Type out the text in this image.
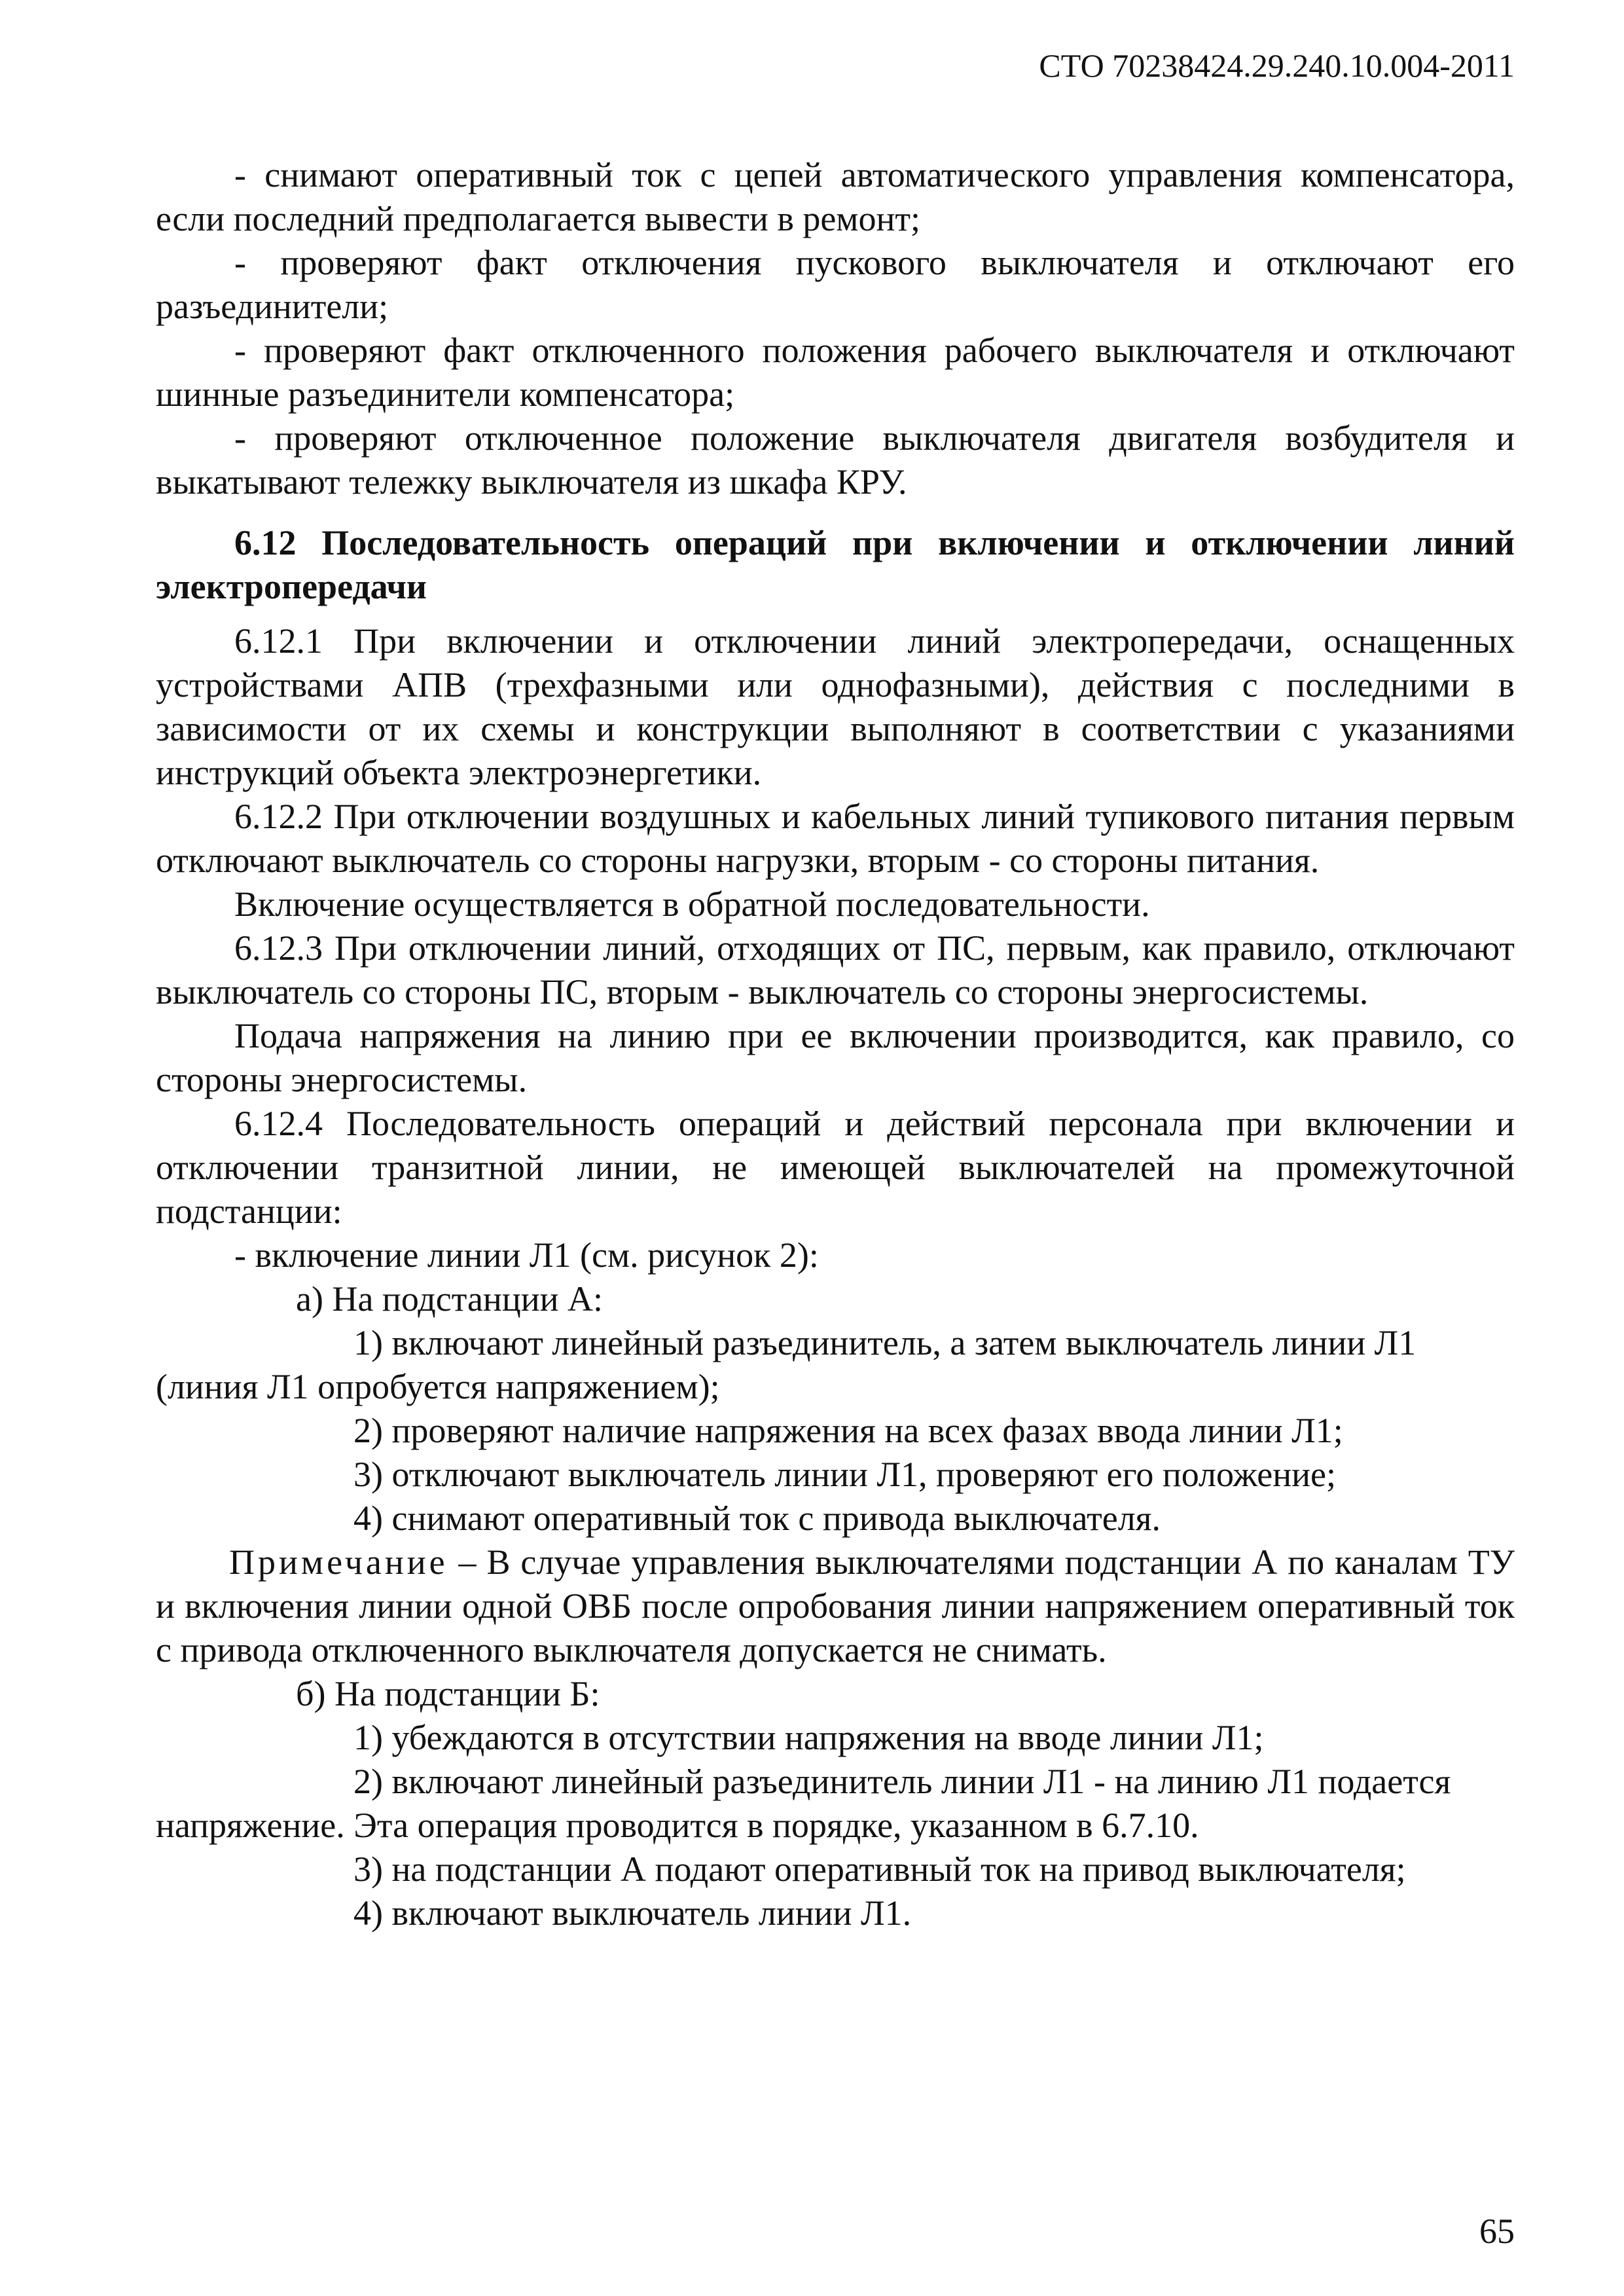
СТО 70238424.29.240.10.004-2011

- снимают оперативный ток с цепей автоматического управления компенсатора, если последний предполагается вывести в ремонт;

- проверяют факт отключения пускового выключателя и отключают его разъединители;

- проверяют факт отключенного положения рабочего выключателя и отключают шинные разъединители компенсатора;

- проверяют отключенное положение выключателя двигателя возбудителя и выкатывают тележку выключателя из шкафа КРУ.

6.12 Последовательность операций при включении и отключении линий электропередачи

6.12.1 При включении и отключении линий электропередачи, оснащенных устройствами АПВ (трехфазными или однофазными), действия с последними в зависимости от их схемы и конструкции выполняют в соответствии с указаниями инструкций объекта электроэнергетики.

6.12.2 При отключении воздушных и кабельных линий тупикового питания первым отключают выключатель со стороны нагрузки, вторым - со стороны питания.

Включение осуществляется в обратной последовательности.

6.12.3 При отключении линий, отходящих от ПС, первым, как правило, отключают выключатель со стороны ПС, вторым - выключатель со стороны энергосистемы.

Подача напряжения на линию при ее включении производится, как правило, со стороны энергосистемы.

6.12.4 Последовательность операций и действий персонала при включении и отключении транзитной линии, не имеющей выключателей на промежуточной подстанции:

- включение линии Л1 (см. рисунок 2):

а) На подстанции А:

1) включают линейный разъединитель, а затем выключатель линии Л1 (линия Л1 опробуется напряжением);

2) проверяют наличие напряжения на всех фазах ввода линии Л1;

3) отключают выключатель линии Л1, проверяют его положение;

4) снимают оперативный ток с привода выключателя.

Примечание – В случае управления выключателями подстанции А по каналам ТУ и включения линии одной ОВБ после опробования линии напряжением оперативный ток с привода отключенного выключателя допускается не снимать.

б) На подстанции Б:

1) убеждаются в отсутствии напряжения на вводе линии Л1;

2) включают линейный разъединитель линии Л1 - на линию Л1 подается напряжение. Эта операция проводится в порядке, указанном в 6.7.10.

3) на подстанции А подают оперативный ток на привод выключателя;

4) включают выключатель линии Л1.

65
